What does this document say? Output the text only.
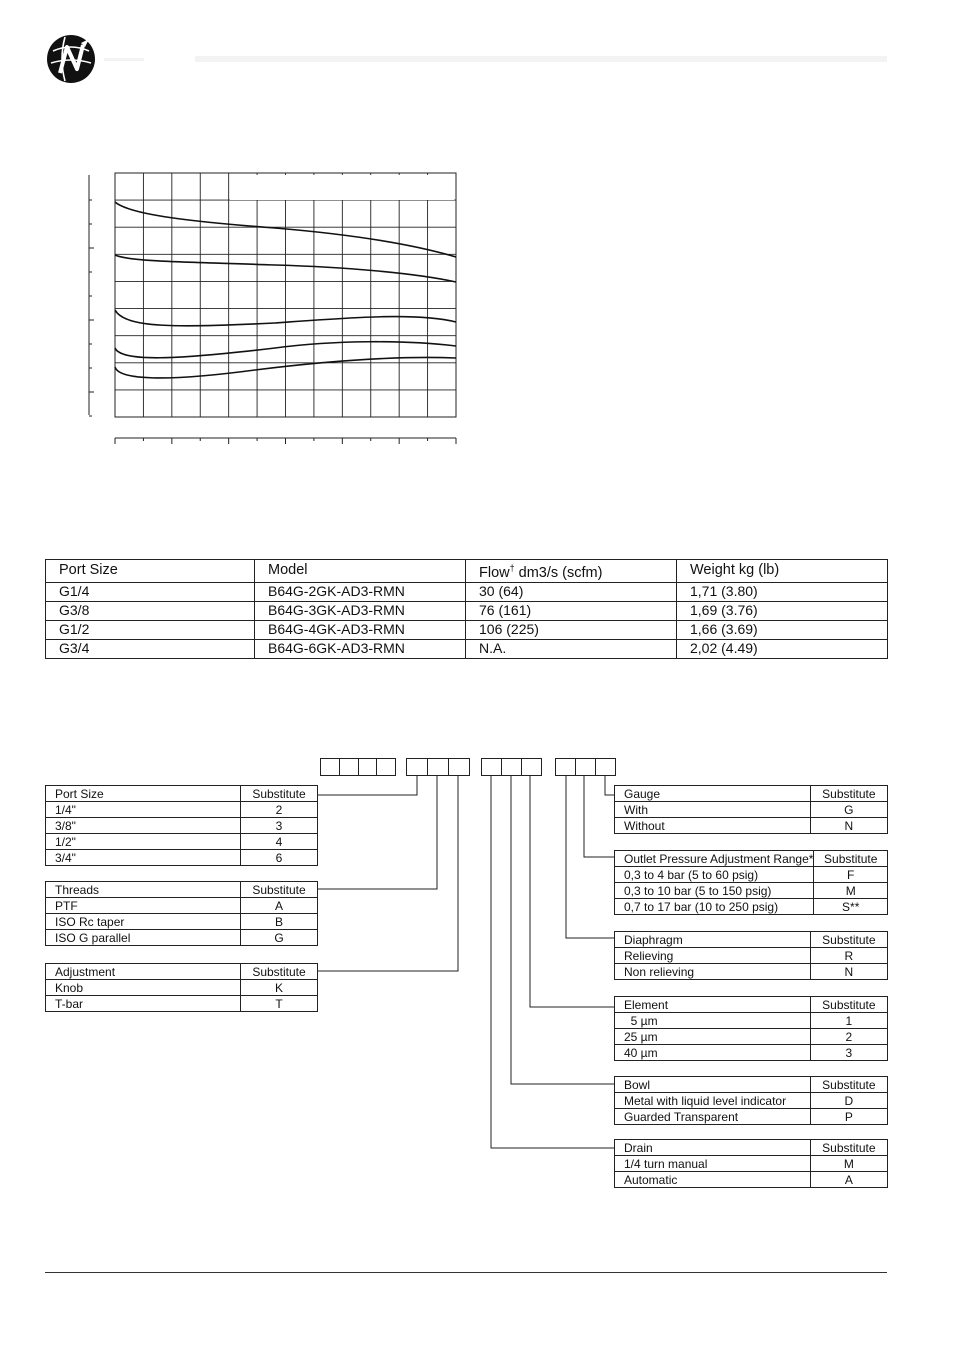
Port Size	Model	Flow† dm3/s (scfm)	Weight kg (lb)
G1/4	B64G-2GK-AD3-RMN	30 (64)	1,71 (3.80)
G3/8	B64G-3GK-AD3-RMN	76 (161)	1,69 (3.76)
G1/2	B64G-4GK-AD3-RMN	106 (225)	1,66 (3.69)
G3/4	B64G-6GK-AD3-RMN	N.A.	2,02 (4.49)
Port Size	Substitute
1/4"	2
3/8"	3
1/2"	4
3/4"	6
Threads	Substitute
PTF	A
ISO Rc taper	B
ISO G parallel	G
Adjustment	Substitute
Knob	K
T-bar	T
Gauge	Substitute
With	G
Without	N
Outlet Pressure Adjustment Range*	Substitute
0,3 to 4 bar (5 to 60 psig)	F
0,3 to 10 bar (5 to 150 psig)	M
0,7 to 17 bar (10 to 250 psig)	S**
Diaphragm	Substitute
Relieving	R
Non relieving	N
Element	Substitute
5 µm	1
25 µm	2
40 µm	3
Bowl	Substitute
Metal with liquid level indicator	D
Guarded Transparent	P
Drain	Substitute
1/4 turn manual	M
Automatic	A
